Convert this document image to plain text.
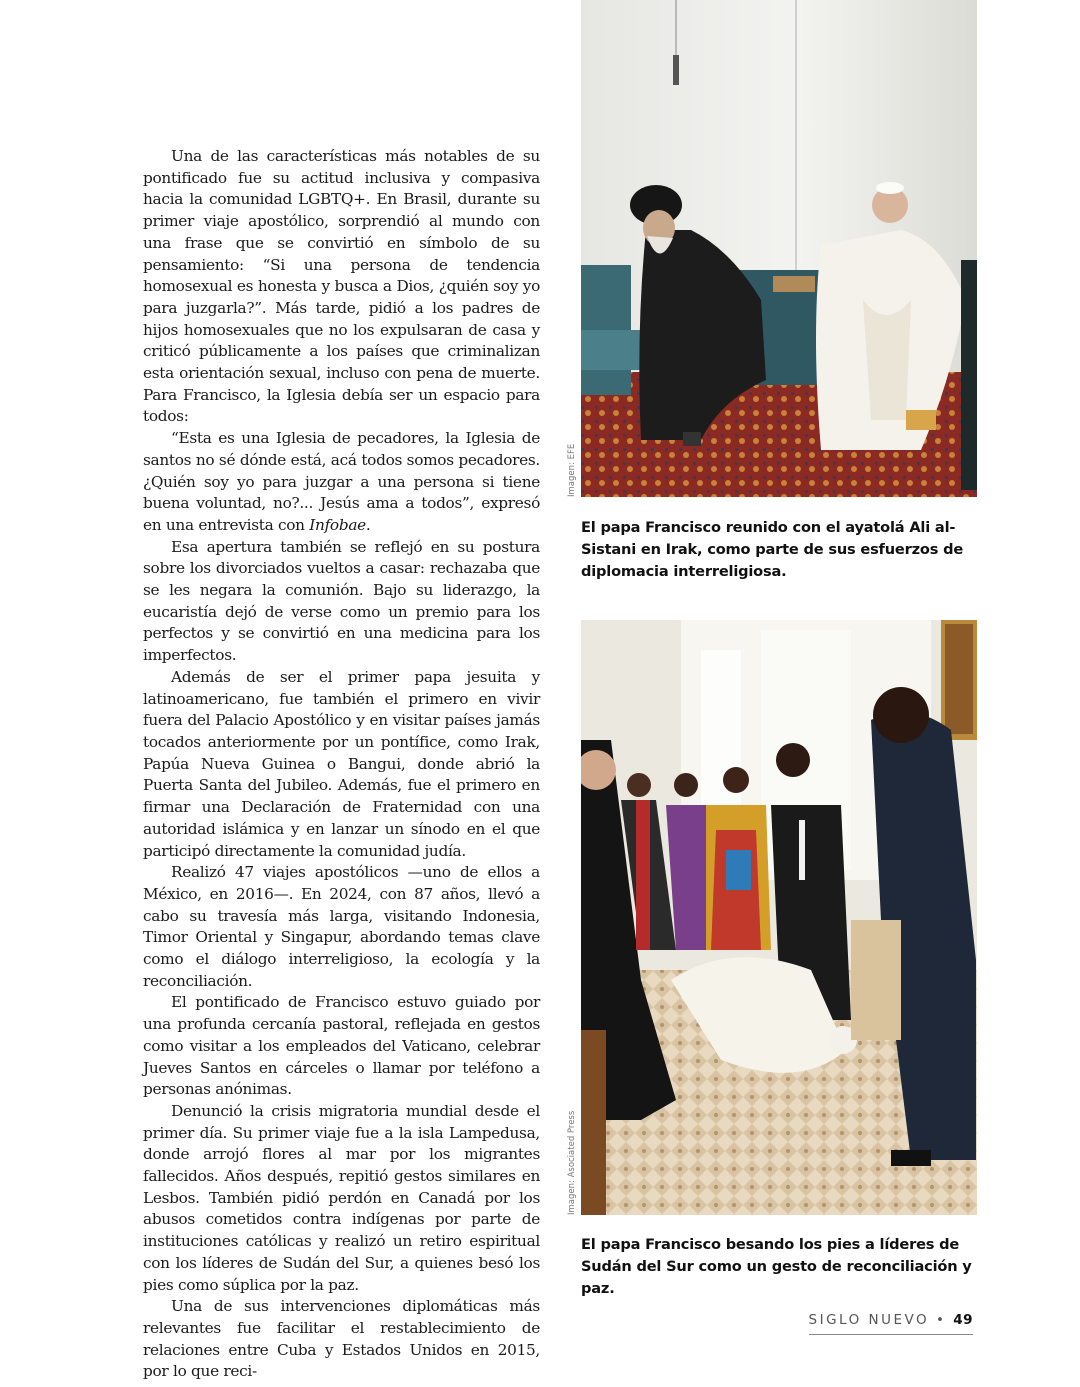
Una de las características más notables de su pontificado fue su actitud inclusiva y compasiva hacia la comunidad LGBTQ+. En Brasil, durante su primer viaje apostólico, sorprendió al mundo con una frase que se convirtió en símbolo de su pensamiento: “Si una persona de tendencia homosexual es honesta y busca a Dios, ¿quién soy yo para juzgarla?”. Más tarde, pidió a los padres de hijos homosexuales que no los expulsaran de casa y criticó públicamente a los países que criminalizan esta orientación sexual, incluso con pena de muerte. Para Francisco, la Iglesia debía ser un espacio para todos:

“Esta es una Iglesia de pecadores, la Iglesia de santos no sé dónde está, acá todos somos pecadores. ¿Quién soy yo para juzgar a una persona si tiene buena voluntad, no?... Jesús ama a todos”, expresó en una entrevista con Infobae.

Esa apertura también se reflejó en su postura sobre los divorciados vueltos a casar: rechazaba que se les negara la comunión. Bajo su liderazgo, la eucaristía dejó de verse como un premio para los perfectos y se convirtió en una medicina para los imperfectos.

Además de ser el primer papa jesuita y latinoamericano, fue también el primero en vivir fuera del Palacio Apostólico y en visitar países jamás tocados anteriormente por un pontífice, como Irak, Papúa Nueva Guinea o Bangui, donde abrió la Puerta Santa del Jubileo. Además, fue el primero en firmar una Declaración de Fraternidad con una autoridad islámica y en lanzar un sínodo en el que participó directamente la comunidad judía.

Realizó 47 viajes apostólicos —uno de ellos a México, en 2016—. En 2024, con 87 años, llevó a cabo su travesía más larga, visitando Indonesia, Timor Oriental y Singapur, abordando temas clave como el diálogo interreligioso, la ecología y la reconciliación.

El pontificado de Francisco estuvo guiado por una profunda cercanía pastoral, reflejada en gestos como visitar a los empleados del Vaticano, celebrar Jueves Santos en cárceles o llamar por teléfono a personas anónimas.

Denunció la crisis migratoria mundial desde el primer día. Su primer viaje fue a la isla Lampedusa, donde arrojó flores al mar por los migrantes fallecidos. Años después, repitió gestos similares en Lesbos. También pidió perdón en Canadá por los abusos cometidos contra indígenas por parte de instituciones católicas y realizó un retiro espiritual con los líderes de Sudán del Sur, a quienes besó los pies como súplica por la paz.

Una de sus intervenciones diplomáticas más relevantes fue facilitar el restablecimiento de relaciones entre Cuba y Estados Unidos en 2015, por lo que reci-

Imagen: EFE
El papa Francisco reunido con el ayatolá Ali al-Sistani en Irak, como parte de sus esfuerzos de diplomacia interreligiosa.
Imagen: Asociated Press
El papa Francisco besando los pies a líderes de Sudán del Sur como un gesto de reconciliación y paz.
SIGLO NUEVO • 49
